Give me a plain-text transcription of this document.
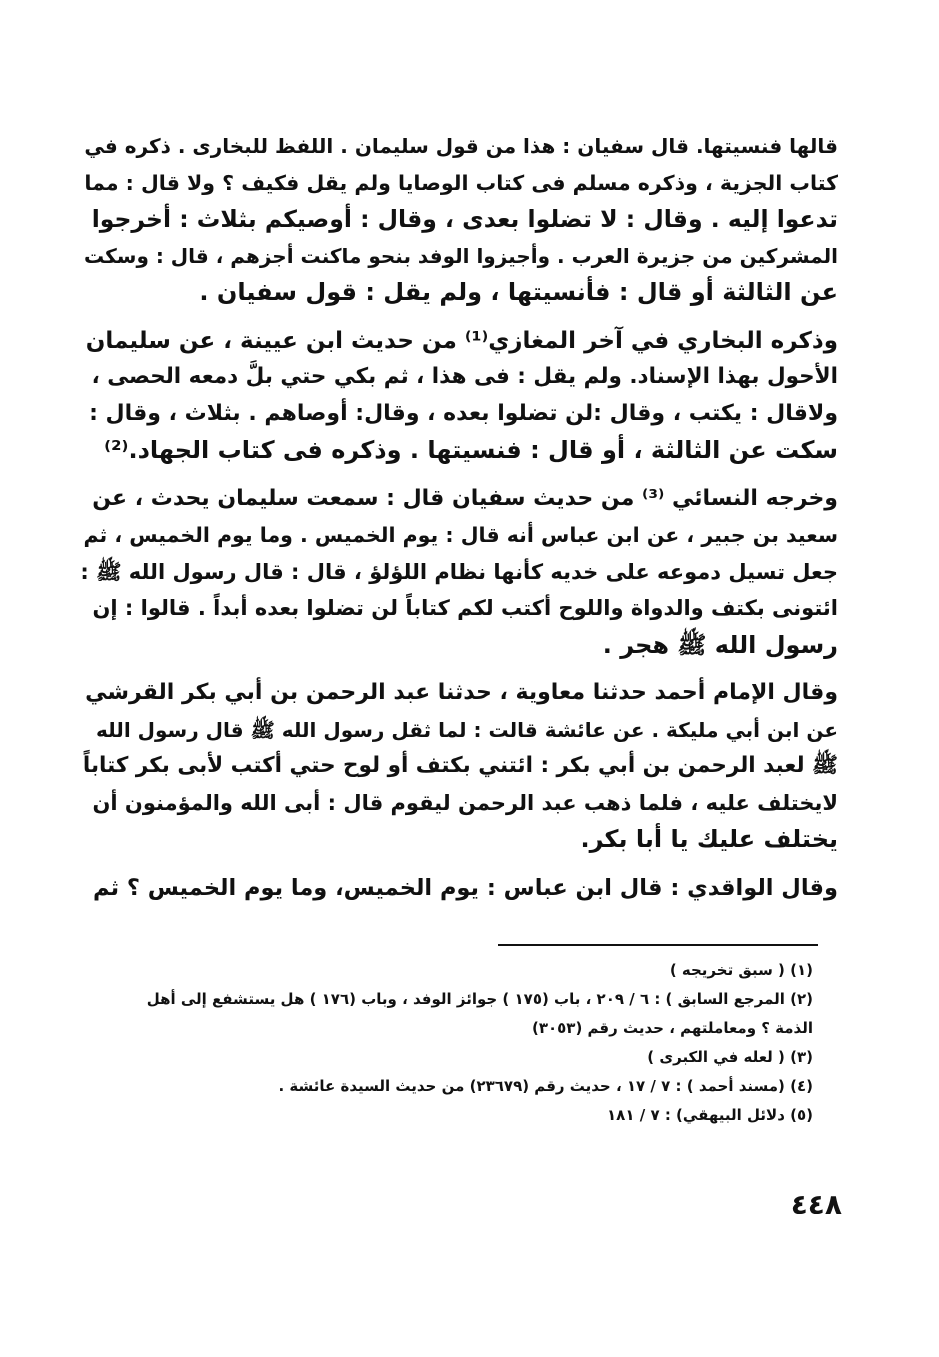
قالها فنسيتها. قال سفيان : هذا من قول سليمان . اللفظ للبخارى . ذكره في
كتاب الجزية ، وذكره مسلم فى كتاب الوصايا ولم يقل فكيف ؟ ولا قال : مما
تدعوا إليه . وقال : لا تضلوا بعدى ، وقال : أوصيكم بثلاث : أخرجوا
المشركين من جزيرة العرب . وأجيزوا الوفد بنحو ماكنت أجزهم ، قال : وسكت
عن الثالثة أو قال : فأنسيتها ، ولم يقل : قول سفيان .
وذكره البخاري في آخر المغازي⁽¹⁾ من حديث ابن عيينة ، عن سليمان
الأحول بهذا الإسناد. ولم يقل : فى هذا ، ثم بكي حتي بلَّ دمعه الحصى ،
ولاقال : يكتب ، وقال :لن تضلوا بعده ، وقال: أوصاهم . بثلاث ، وقال :
سكت عن الثالثة ، أو قال : فنسيتها . وذكره فى كتاب الجهاد.⁽²⁾
وخرجه النسائي ⁽³⁾ من حديث سفيان قال : سمعت سليمان يحدث ، عن
سعيد بن جبير ، عن ابن عباس أنه قال : يوم الخميس . وما يوم الخميس ، ثم
جعل تسيل دموعه على خديه كأنها نظام اللؤلؤ ، قال : قال رسول الله ﷺ :
ائتونى بكتف والدواة واللوح أكتب لكم كتاباً لن تضلوا بعده أبداً . قالوا : إن
رسول الله ﷺ هجر .
وقال الإمام أحمد حدثنا معاوية ، حدثنا عبد الرحمن بن أبي بكر القرشي
عن ابن أبي مليكة . عن عائشة قالت : لما ثقل رسول الله ﷺ قال رسول الله
ﷺ لعبد الرحمن بن أبي بكر : ائتني بكتف أو لوح حتي أكتب لأبى بكر كتاباً
لايختلف عليه ، فلما ذهب عبد الرحمن ليقوم قال : أبى الله والمؤمنون أن
يختلف عليك يا أبا بكر.
وقال الواقدي : قال ابن عباس : يوم الخميس، وما يوم الخميس ؟ ثم
(١) ( سبق تخريجه )
(٢) المرجع السابق ) : ٦ / ٢٠٩ ، باب (١٧٥ ) جوائز الوفد ، وباب (١٧٦ ) هل يستشفع إلى أهل
الذمة ؟ ومعاملتهم ، حديث رقم (٣٠٥٣)
(٣) ( لعله في الكبرى )
(٤) (مسند أحمد ) : ٧ / ١٧ ، حديث رقم (٢٣٦٧٩) من حديث السيدة عائشة .
(٥) دلائل البيهقي) : ٧ / ١٨١
٤٤٨
